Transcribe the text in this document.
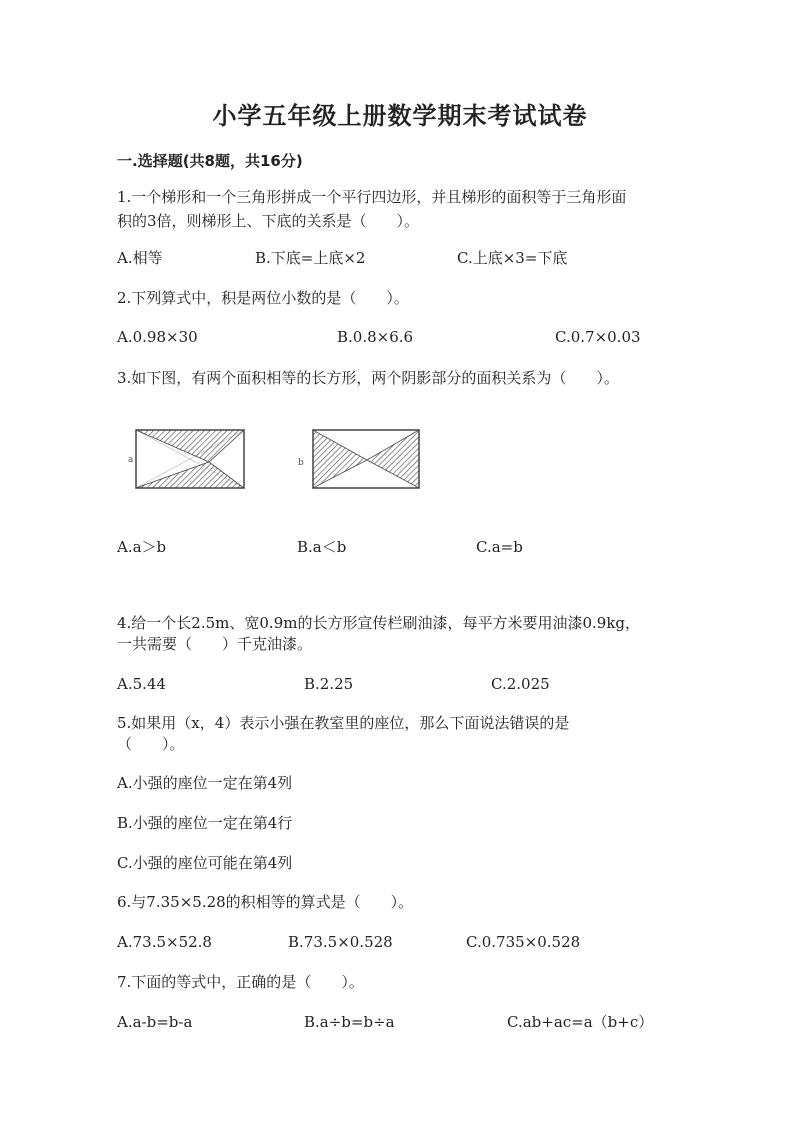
小学五年级上册数学期末考试试卷
一.选择题(共8题，共16分)
1.一个梯形和一个三角形拼成一个平行四边形，并且梯形的面积等于三角形面
积的3倍，则梯形上、下底的关系是（　　）。
A.相等	B.下底=上底×2	C.上底×3=下底
2.下列算式中，积是两位小数的是（　　）。
A.0.98×30	B.0.8×6.6	C.0.7×0.03
3.如下图，有两个面积相等的长方形，两个阴影部分的面积关系为（　　）。
a	b
A.a＞b	B.a＜b	C.a=b
4.给一个长2.5m、宽0.9m的长方形宣传栏刷油漆，每平方米要用油漆0.9kg，
一共需要（　　）千克油漆。
A.5.44	B.2.25	C.2.025
5.如果用（x，4）表示小强在教室里的座位，那么下面说法错误的是
（　　）。
A.小强的座位一定在第4列
B.小强的座位一定在第4行
C.小强的座位可能在第4列
6.与7.35×5.28的积相等的算式是（　　）。
A.73.5×52.8	B.73.5×0.528	C.0.735×0.528
7.下面的等式中，正确的是（　　）。
A.a-b=b-a	B.a÷b=b÷a	C.ab+ac=a（b+c）
